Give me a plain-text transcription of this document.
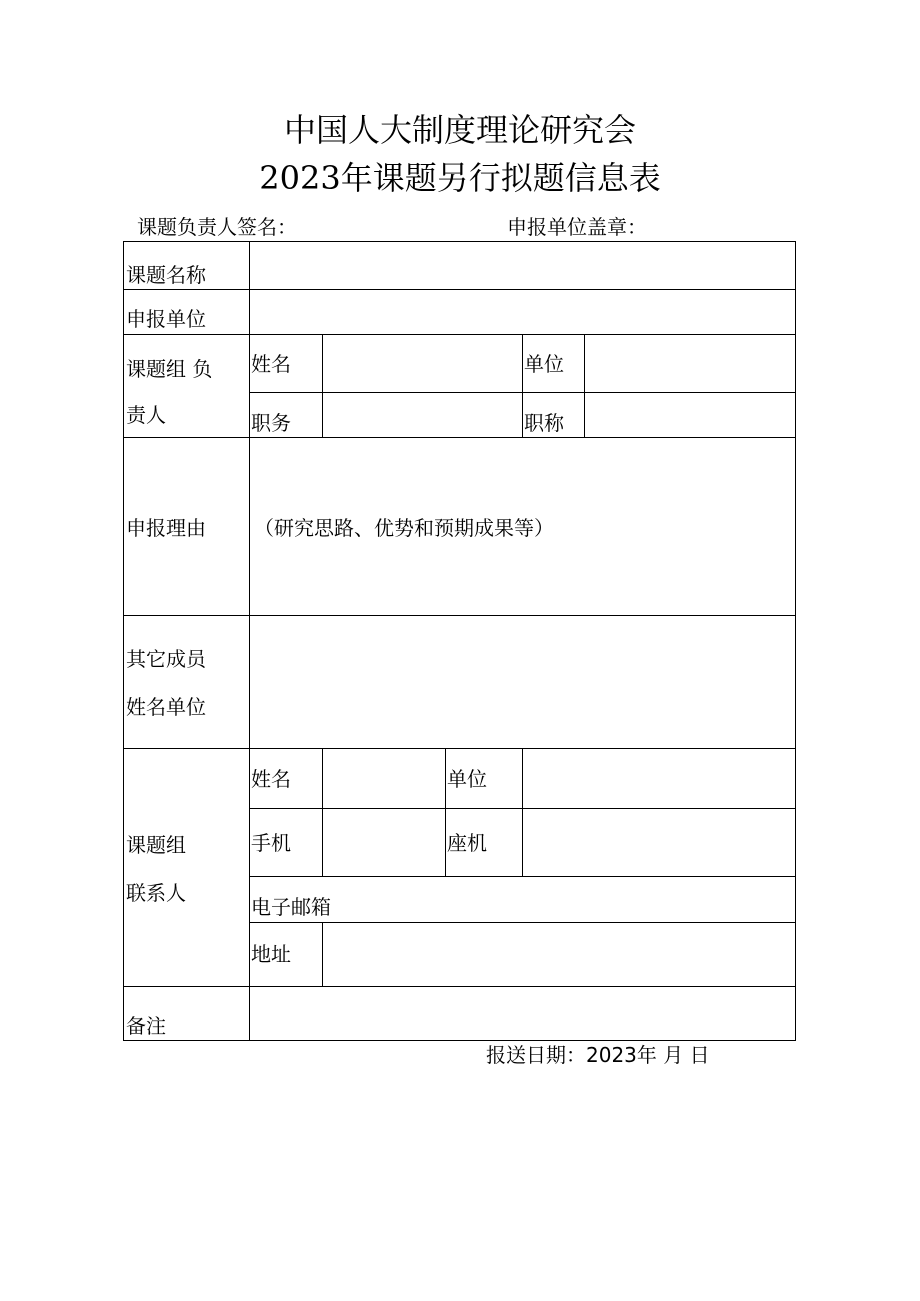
中国人大制度理论研究会
2023年课题另行拟题信息表
课题负责人签名：	申报单位盖章：
课题名称
申报单位
课题组 负
责人
姓名	单位
职务	职称
申报理由 （研究思路、优势和预期成果等）
其它成员
姓名单位
课题组
联系人
姓名	单位
手机	座机
电子邮箱
地址
备注
报送日期：2023年 月 日
